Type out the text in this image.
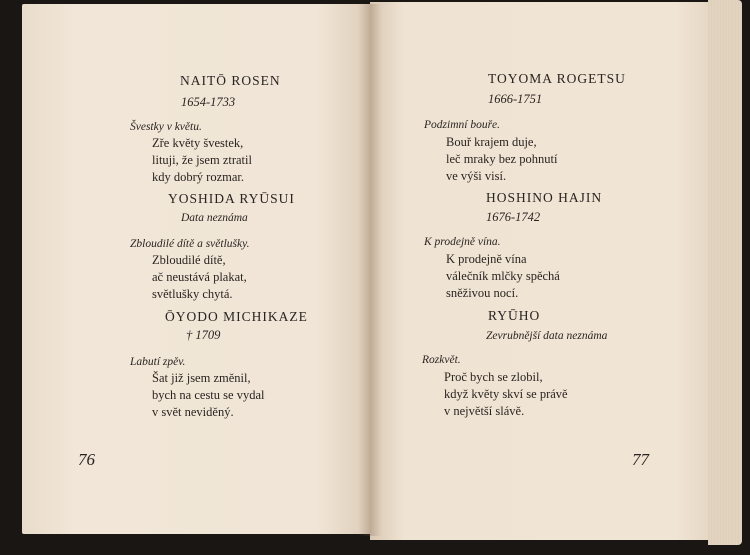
NAITŌ ROSEN
1654-1733
Švestky v květu.
Zře květy švestek,
lituji, že jsem ztratil
kdy dobrý rozmar.
YOSHIDA RYŪSUI
Data neznáma
Zbloudilé dítě a světlušky.
Zbloudilé dítě,
ač neustává plakat,
světlušky chytá.
ŌYODO MICHIKAZE
† 1709
Labutí zpěv.
Šat již jsem změnil,
bych na cestu se vydal
v svět neviděný.
76
TOYOMA ROGETSU
1666-1751
Podzimní bouře.
Bouř krajem duje,
leč mraky bez pohnutí
ve výši visí.
HOSHINO HAJIN
1676-1742
K prodejně vína.
K prodejně vína
válečník mlčky spěchá
sněživou nocí.
RYŪHO
Zevrubnější data neznáma
Rozkvět.
Proč bych se zlobil,
když květy skví se právě
v největší slávě.
77
